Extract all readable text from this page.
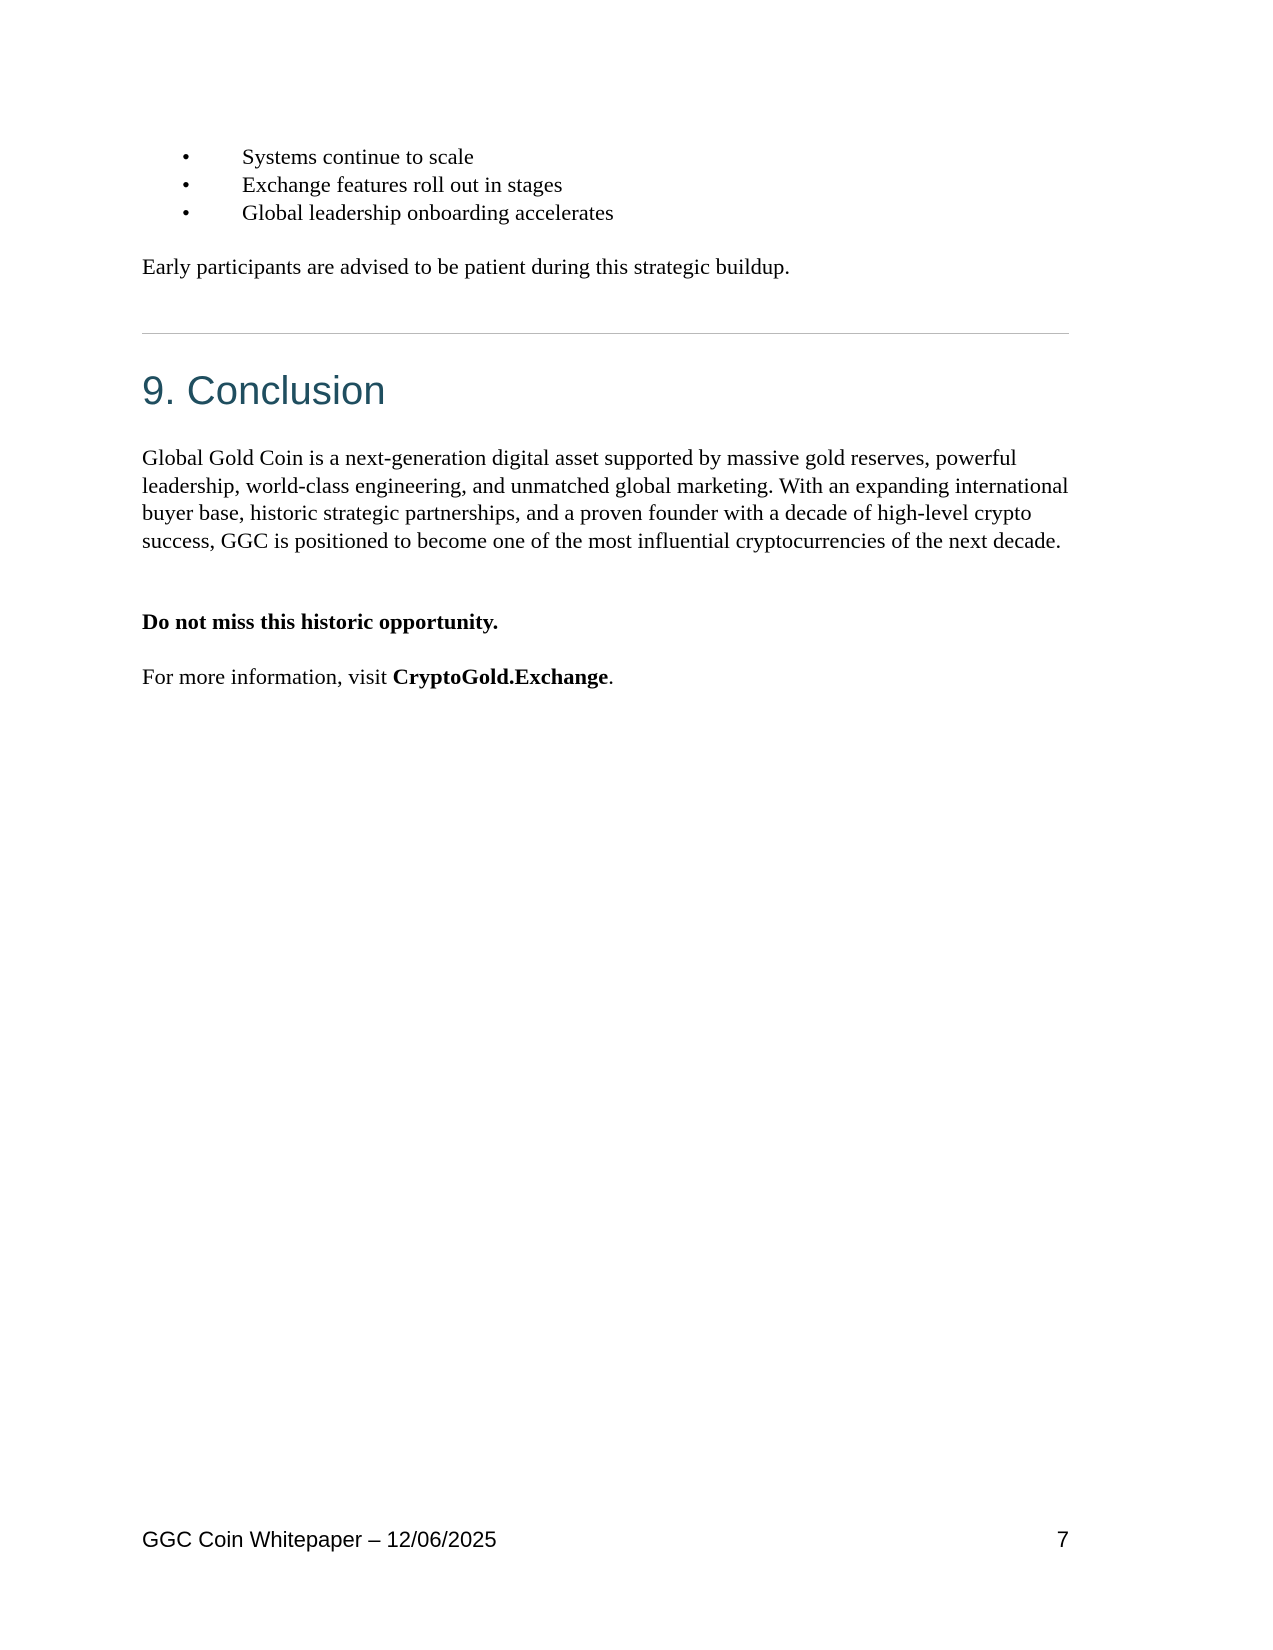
• Systems continue to scale
• Exchange features roll out in stages
• Global leadership onboarding accelerates

Early participants are advised to be patient during this strategic buildup.

9. Conclusion

Global Gold Coin is a next-generation digital asset supported by massive gold reserves, powerful leadership, world-class engineering, and unmatched global marketing. With an expanding international buyer base, historic strategic partnerships, and a proven founder with a decade of high-level crypto success, GGC is positioned to become one of the most influential cryptocurrencies of the next decade.

Do not miss this historic opportunity.

For more information, visit CryptoGold.Exchange.

GGC Coin Whitepaper – 12/06/2025	7
